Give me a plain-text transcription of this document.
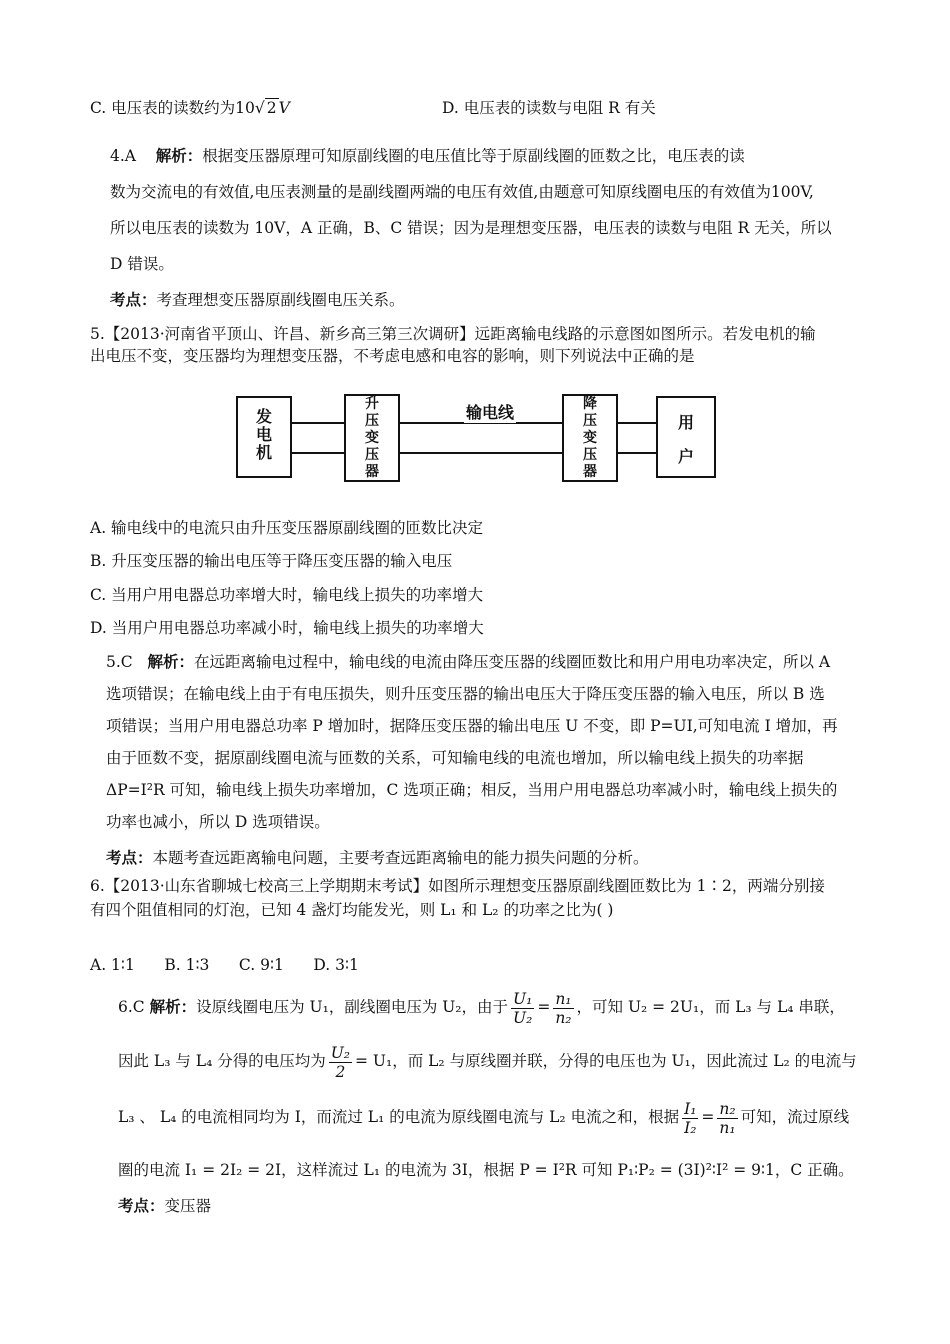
C. 电压表的读数约为10√ 2 V	D. 电压表的读数与电阻 R 有关
4.A 解析：根据变压器原理可知原副线圈的电压值比等于原副线圈的匝数之比，电压表的读
数为交流电的有效值,电压表测量的是副线圈两端的电压有效值,由题意可知原线圈电压的有效值为100V,
所以电压表的读数为 10V，A 正确，B、C 错误；因为是理想变压器，电压表的读数与电阻 R 无关，所以
D 错误。
考点：考查理想变压器原副线圈电压关系。
5.【2013·河南省平顶山、许昌、新乡高三第三次调研】远距离输电线路的示意图如图所示。若发电机的输
出电压不变，变压器均为理想变压器，不考虑电感和电容的影响，则下列说法中正确的是
发电机
升压变压器
输电线	降压变压器
用户
A. 输电线中的电流只由升压变压器原副线圈的匝数比决定
B. 升压变压器的输出电压等于降压变压器的输入电压
C. 当用户用电器总功率增大时，输电线上损失的功率增大
D. 当用户用电器总功率减小时，输电线上损失的功率增大
5.C 解析：在远距离输电过程中，输电线的电流由降压变压器的线圈匝数比和用户用电功率决定，所以 A
选项错误；在输电线上由于有电压损失，则升压变压器的输出电压大于降压变压器的输入电压，所以 B 选
项错误；当用户用电器总功率 P 增加时，据降压变压器的输出电压 U 不变，即 P=UI,可知电流 I 增加，再
由于匝数不变，据原副线圈电流与匝数的关系，可知输电线的电流也增加，所以输电线上损失的功率据
ΔP=I²R 可知，输电线上损失功率增加，C 选项正确；相反，当用户用电器总功率减小时，输电线上损失的
功率也减小，所以 D 选项错误。
考点：本题考查远距离输电问题，主要考查远距离输电的能力损失问题的分析。
6.【2013·山东省聊城七校高三上学期期末考试】如图所示理想变压器原副线圈匝数比为 1∶2，两端分别接
有四个阻值相同的灯泡，已知 4 盏灯均能发光，则 L₁ 和 L₂ 的功率之比为( )
A. 1∶1      B. 1∶3      C. 9∶1      D. 3∶1
6.C 解析：设原线圈电压为 U₁，副线圈电压为 U₂，由于 $\frac{\text{U₁}}{\text{U₂}} = \frac{\text{n₁}}{\text{n₂}}$ ，可知 U₂ = 2U₁，而 L₃ 与 L₄ 串联，
因此 L₃ 与 L₄ 分得的电压均为 $\frac{\text{U₂}}{2} = U_1$，而 L₂ 与原线圈并联，分得的电压也为 U₁，因此流过 L₂ 的电流与
L₃ 、 L₄ 的电流相同均为 I，而流过 L₁ 的电流为原线圈电流与 L₂ 电流之和，根据 $\frac{\text{I₁}}{\text{I₂}} = \frac{\text{n₂}}{\text{n₁}}$ 可知，流过原线
圈的电流 I₁ = 2I₂ = 2I，这样流过 L₁ 的电流为 3I，根据 P = I²R 可知 P₁∶P₂ = (3I)²∶I² = 9∶1，C 正确。
考点：变压器
